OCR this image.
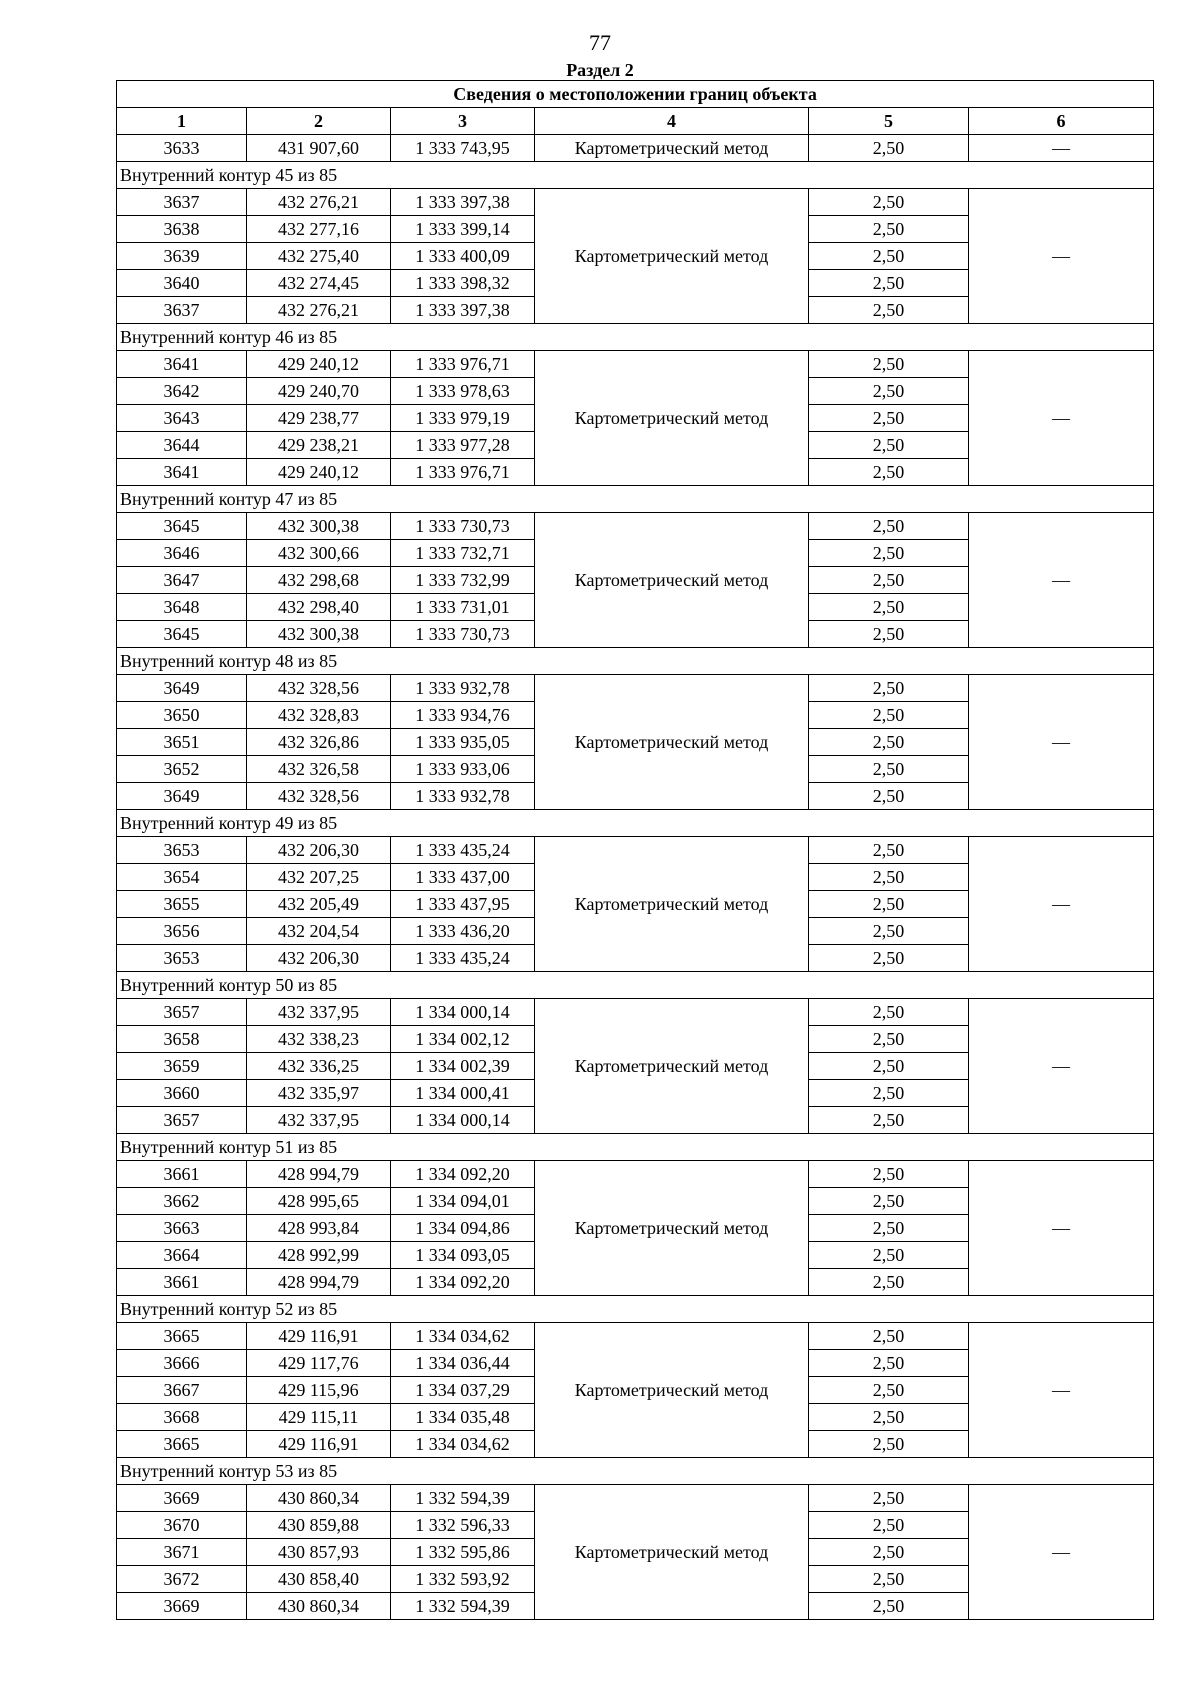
77
Раздел 2
Сведения о местоположении границ объекта					
1	2	3	4	5	6
3633	431 907,60	1 333 743,95	Картометрический метод	2,50	—
Внутренний контур 45 из 85					
3637	432 276,21	1 333 397,38	Картометрический метод	2,50	—
3638	432 277,16	1 333 399,14		2,50	
3639	432 275,40	1 333 400,09		2,50	
3640	432 274,45	1 333 398,32		2,50	
3637	432 276,21	1 333 397,38		2,50	
Внутренний контур 46 из 85					
3641	429 240,12	1 333 976,71	Картометрический метод	2,50	—
3642	429 240,70	1 333 978,63		2,50	
3643	429 238,77	1 333 979,19		2,50	
3644	429 238,21	1 333 977,28		2,50	
3641	429 240,12	1 333 976,71		2,50	
Внутренний контур 47 из 85					
3645	432 300,38	1 333 730,73	Картометрический метод	2,50	—
3646	432 300,66	1 333 732,71		2,50	
3647	432 298,68	1 333 732,99		2,50	
3648	432 298,40	1 333 731,01		2,50	
3645	432 300,38	1 333 730,73		2,50	
Внутренний контур 48 из 85					
3649	432 328,56	1 333 932,78	Картометрический метод	2,50	—
3650	432 328,83	1 333 934,76		2,50	
3651	432 326,86	1 333 935,05		2,50	
3652	432 326,58	1 333 933,06		2,50	
3649	432 328,56	1 333 932,78		2,50	
Внутренний контур 49 из 85					
3653	432 206,30	1 333 435,24	Картометрический метод	2,50	—
3654	432 207,25	1 333 437,00		2,50	
3655	432 205,49	1 333 437,95		2,50	
3656	432 204,54	1 333 436,20		2,50	
3653	432 206,30	1 333 435,24		2,50	
Внутренний контур 50 из 85					
3657	432 337,95	1 334 000,14	Картометрический метод	2,50	—
3658	432 338,23	1 334 002,12		2,50	
3659	432 336,25	1 334 002,39		2,50	
3660	432 335,97	1 334 000,41		2,50	
3657	432 337,95	1 334 000,14		2,50	
Внутренний контур 51 из 85					
3661	428 994,79	1 334 092,20	Картометрический метод	2,50	—
3662	428 995,65	1 334 094,01		2,50	
3663	428 993,84	1 334 094,86		2,50	
3664	428 992,99	1 334 093,05		2,50	
3661	428 994,79	1 334 092,20		2,50	
Внутренний контур 52 из 85					
3665	429 116,91	1 334 034,62	Картометрический метод	2,50	—
3666	429 117,76	1 334 036,44		2,50	
3667	429 115,96	1 334 037,29		2,50	
3668	429 115,11	1 334 035,48		2,50	
3665	429 116,91	1 334 034,62		2,50	
Внутренний контур 53 из 85					
3669	430 860,34	1 332 594,39	Картометрический метод	2,50	—
3670	430 859,88	1 332 596,33		2,50	
3671	430 857,93	1 332 595,86		2,50	
3672	430 858,40	1 332 593,92		2,50	
3669	430 860,34	1 332 594,39		2,50	
